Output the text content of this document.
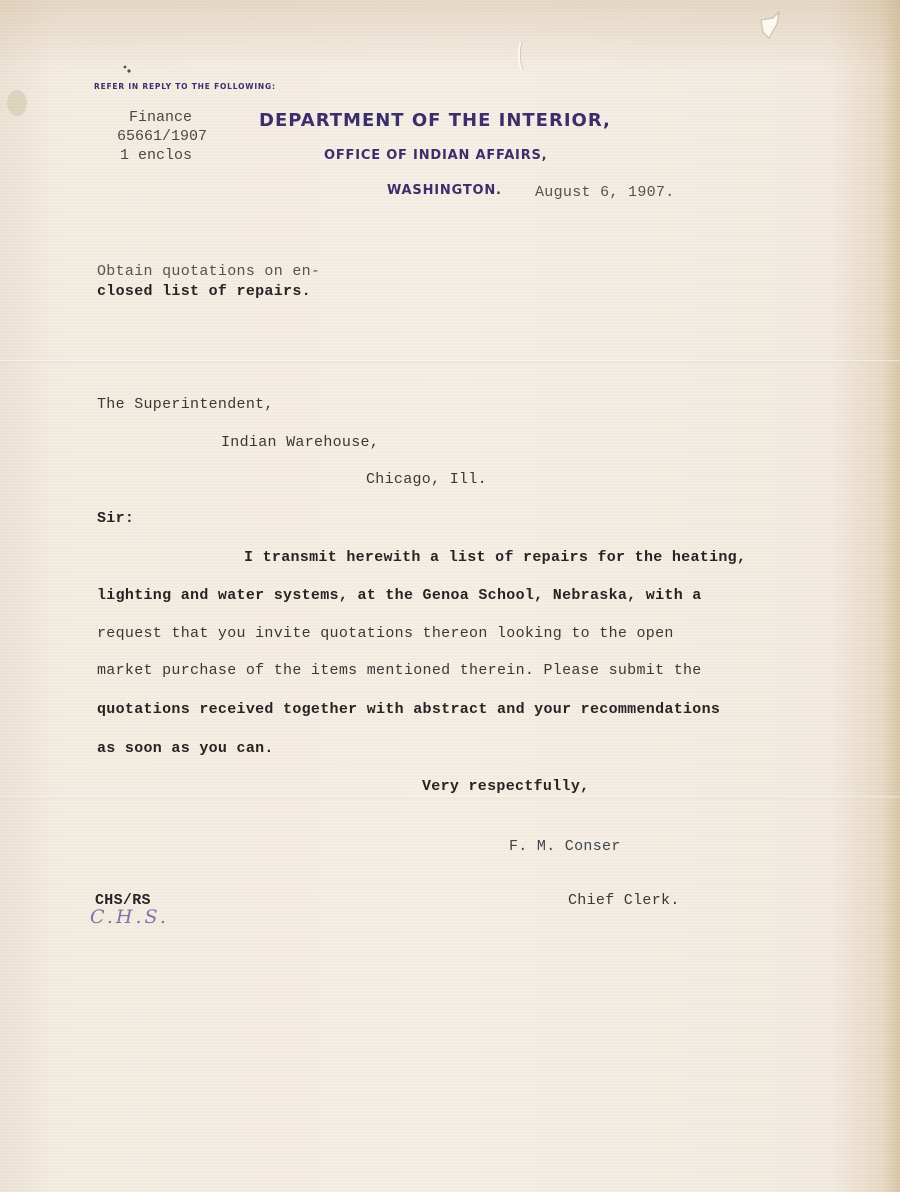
REFER IN REPLY TO THE FOLLOWING:
DEPARTMENT OF THE INTERIOR,
OFFICE OF INDIAN AFFAIRS,
WASHINGTON.
Finance
65661/1907
1 enclos
August 6, 1907.
Obtain quotations on en-
closed list of repairs.
The Superintendent,
Indian Warehouse,
Chicago, Ill.
Sir:
I transmit herewith a list of repairs for the heating,
lighting and water systems, at the Genoa School, Nebraska, with a
request that you invite quotations thereon looking to the open
market purchase of the items mentioned therein. Please submit the
quotations received together with abstract and your recommendations
as soon as you can.
Very respectfully,
F. M. Conser
Chief Clerk.
CHS/RS
C.H.S.
